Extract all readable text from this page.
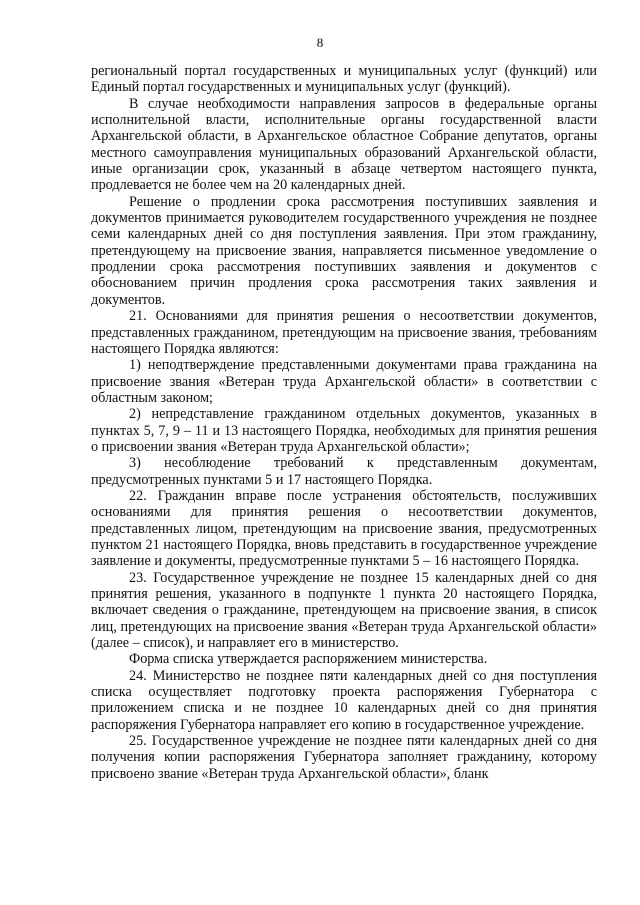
8

региональный портал государственных и муниципальных услуг (функций) или Единый портал государственных и муниципальных услуг (функций).

В случае необходимости направления запросов в федеральные органы исполнительной власти, исполнительные органы государственной власти Архангельской области, в Архангельское областное Собрание депутатов, органы местного самоуправления муниципальных образований Архангельской области, иные организации срок, указанный в абзаце четвертом настоящего пункта, продлевается не более чем на 20 календарных дней.

Решение о продлении срока рассмотрения поступивших заявления и документов принимается руководителем государственного учреждения не позднее семи календарных дней со дня поступления заявления. При этом гражданину, претендующему на присвоение звания, направляется письменное уведомление о продлении срока рассмотрения поступивших заявления и документов с обоснованием причин продления срока рассмотрения таких заявления и документов.

21. Основаниями для принятия решения о несоответствии документов, представленных гражданином, претендующим на присвоение звания, требованиям настоящего Порядка являются:

1) неподтверждение представленными документами права гражданина на присвоение звания «Ветеран труда Архангельской области» в соответствии с областным законом;

2) непредставление гражданином отдельных документов, указанных в пунктах 5, 7, 9 – 11 и 13 настоящего Порядка, необходимых для принятия решения о присвоении звания «Ветеран труда Архангельской области»;

3) несоблюдение требований к представленным документам, предусмотренных пунктами 5 и 17 настоящего Порядка.

22. Гражданин вправе после устранения обстоятельств, послуживших основаниями для принятия решения о несоответствии документов, представленных лицом, претендующим на присвоение звания, предусмотренных пунктом 21 настоящего Порядка, вновь представить в государственное учреждение заявление и документы, предусмотренные пунктами 5 – 16 настоящего Порядка.

23. Государственное учреждение не позднее 15 календарных дней со дня принятия решения, указанного в подпункте 1 пункта 20 настоящего Порядка, включает сведения о гражданине, претендующем на присвоение звания, в список лиц, претендующих на присвоение звания «Ветеран труда Архангельской области» (далее – список), и направляет его в министерство.

Форма списка утверждается распоряжением министерства.

24. Министерство не позднее пяти календарных дней со дня поступления списка осуществляет подготовку проекта распоряжения Губернатора с приложением списка и не позднее 10 календарных дней со дня принятия распоряжения Губернатора направляет его копию в государственное учреждение.

25. Государственное учреждение не позднее пяти календарных дней со дня получения копии распоряжения Губернатора заполняет гражданину, которому присвоено звание «Ветеран труда Архангельской области», бланк
